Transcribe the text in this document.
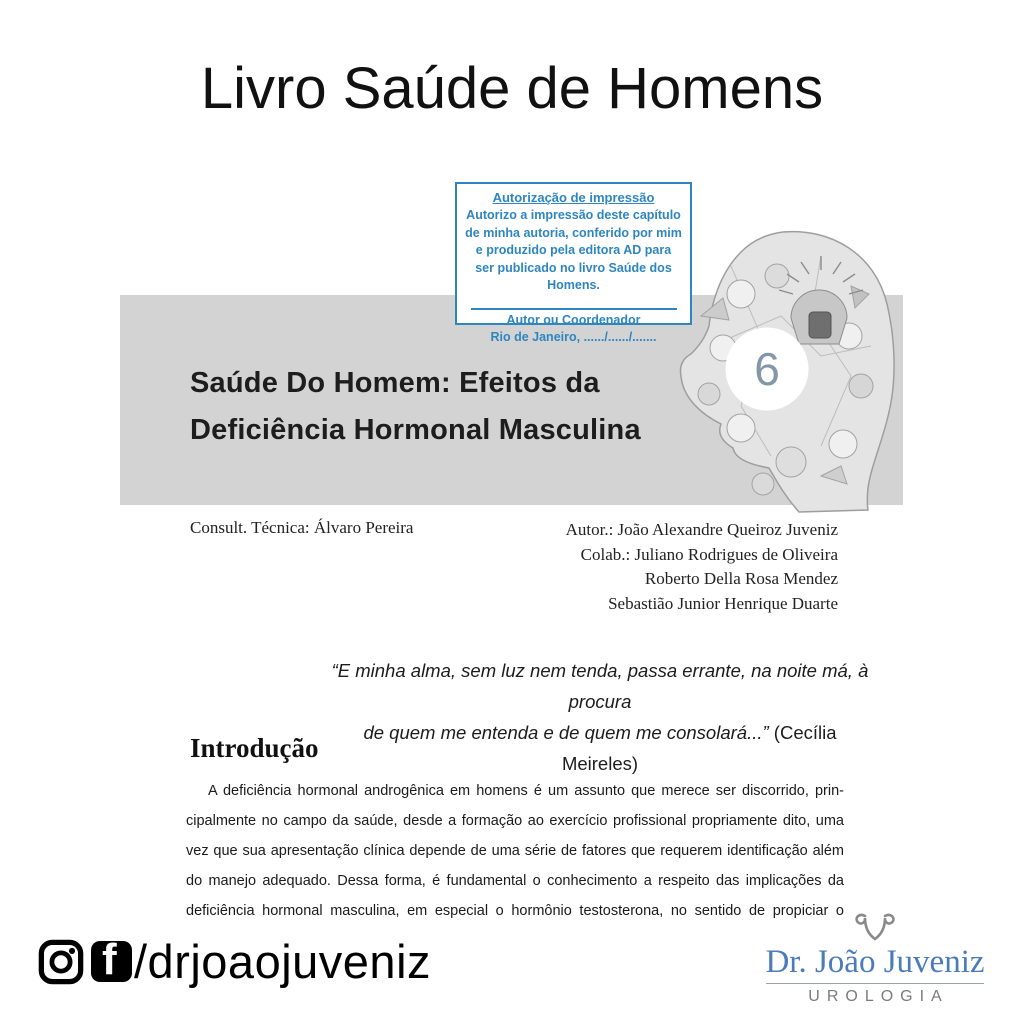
Livro Saúde de Homens
Saúde Do Homem: Efeitos da
Deficiência Hormonal Masculina
6
Autorização de impressão
Autorizo a impressão deste capítulo de minha autoria, conferido por mim e produzido pela editora AD para ser publicado no livro Saúde dos Homens.
Autor ou Coordenador
Rio de Janeiro, ....../....../.......
Consult. Técnica: Álvaro Pereira	Autor.: João Alexandre Queiroz Juveniz
Colab.: Juliano Rodrigues de Oliveira
Roberto Della Rosa Mendez
Sebastião Junior Henrique Duarte
“E minha alma, sem luz nem tenda, passa errante, na noite má, à procura
de quem me entenda e de quem me consolará...” (Cecília Meireles)
Introdução
A deficiência hormonal androgênica em homens é um assunto que merece ser discorrido, prin-
cipalmente no campo da saúde, desde a formação ao exercício profissional propriamente dito, uma
vez que sua apresentação clínica depende de uma série de fatores que requerem identificação além
do manejo adequado. Dessa forma, é fundamental o conhecimento a respeito das implicações da
deficiência hormonal masculina, em especial o hormônio testosterona, no sentido de propiciar o
f /drjoaojuveniz	Dr. João Juveniz
UROLOGIA
